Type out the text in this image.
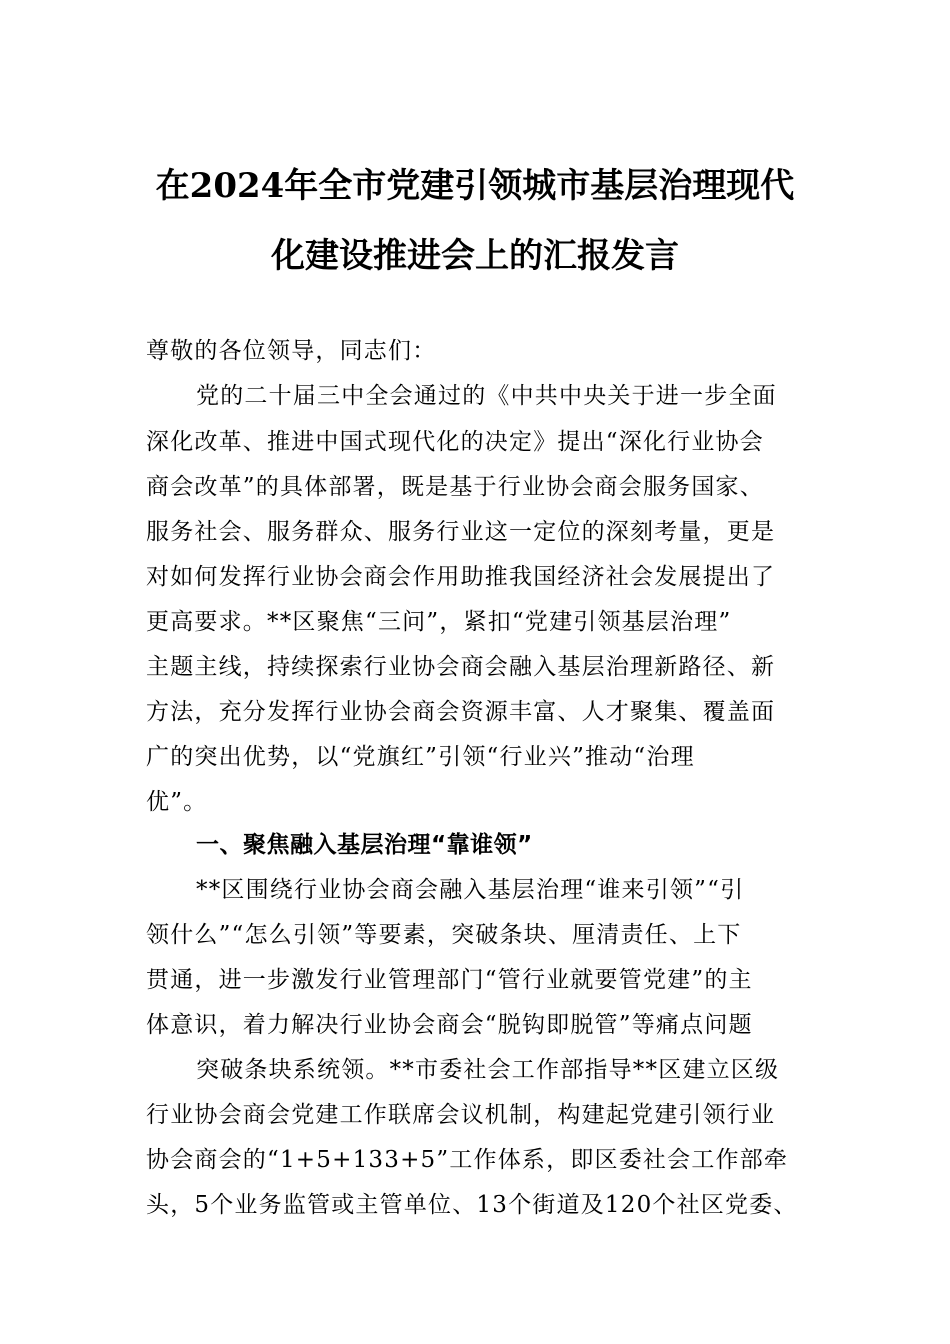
在2024年全市党建引领城市基层治理现代
化建设推进会上的汇报发言
尊敬的各位领导，同志们：
党的二十届三中全会通过的《中共中央关于进一步全面
深化改革、推进中国式现代化的决定》提出“深化行业协会
商会改革”的具体部署，既是基于行业协会商会服务国家、
服务社会、服务群众、服务行业这一定位的深刻考量，更是
对如何发挥行业协会商会作用助推我国经济社会发展提出了
更高要求。**区聚焦“三问”，紧扣“党建引领基层治理”
主题主线，持续探索行业协会商会融入基层治理新路径、新
方法，充分发挥行业协会商会资源丰富、人才聚集、覆盖面
广的突出优势，以“党旗红”引领“行业兴”推动“治理
优”。
一、聚焦融入基层治理“靠谁领”
**区围绕行业协会商会融入基层治理“谁来引领”“引
领什么”“怎么引领”等要素，突破条块、厘清责任、上下
贯通，进一步激发行业管理部门“管行业就要管党建”的主
体意识，着力解决行业协会商会“脱钩即脱管”等痛点问题
突破条块系统领。**市委社会工作部指导**区建立区级
行业协会商会党建工作联席会议机制，构建起党建引领行业
协会商会的“1+5+133+5”工作体系，即区委社会工作部牵
头，5个业务监管或主管单位、13个街道及120个社区党委、
